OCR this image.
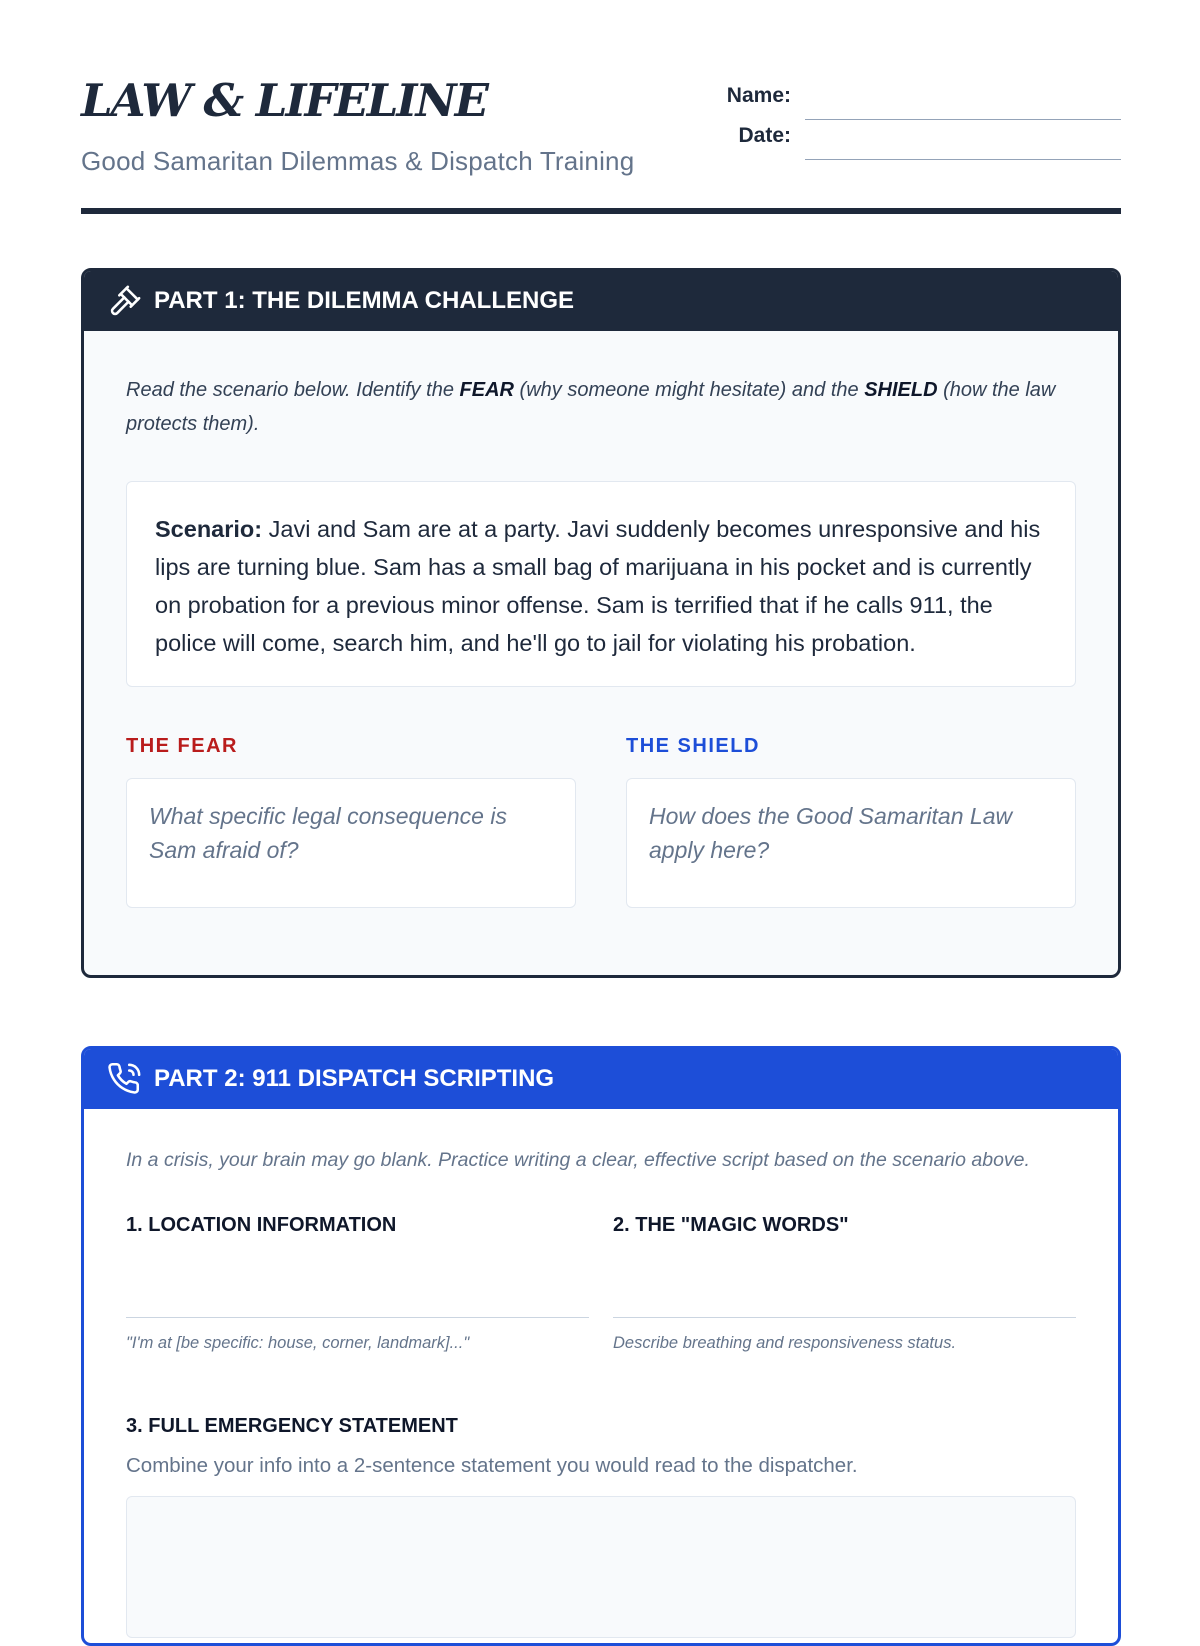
LAW & LIFELINE
Good Samaritan Dilemmas & Dispatch Training
Name:
Date:
PART 1: THE DILEMMA CHALLENGE
Read the scenario below. Identify the FEAR (why someone might hesitate) and the SHIELD (how the law protects them).
Scenario: Javi and Sam are at a party. Javi suddenly becomes unresponsive and his lips are turning blue. Sam has a small bag of marijuana in his pocket and is currently on probation for a previous minor offense. Sam is terrified that if he calls 911, the police will come, search him, and he'll go to jail for violating his probation.
THE FEAR
What specific legal consequence is Sam afraid of?
THE SHIELD
How does the Good Samaritan Law apply here?
PART 2: 911 DISPATCH SCRIPTING
In a crisis, your brain may go blank. Practice writing a clear, effective script based on the scenario above.
1. LOCATION INFORMATION
"I'm at [be specific: house, corner, landmark]..."
2. THE "MAGIC WORDS"
Describe breathing and responsiveness status.
3. FULL EMERGENCY STATEMENT
Combine your info into a 2-sentence statement you would read to the dispatcher.
